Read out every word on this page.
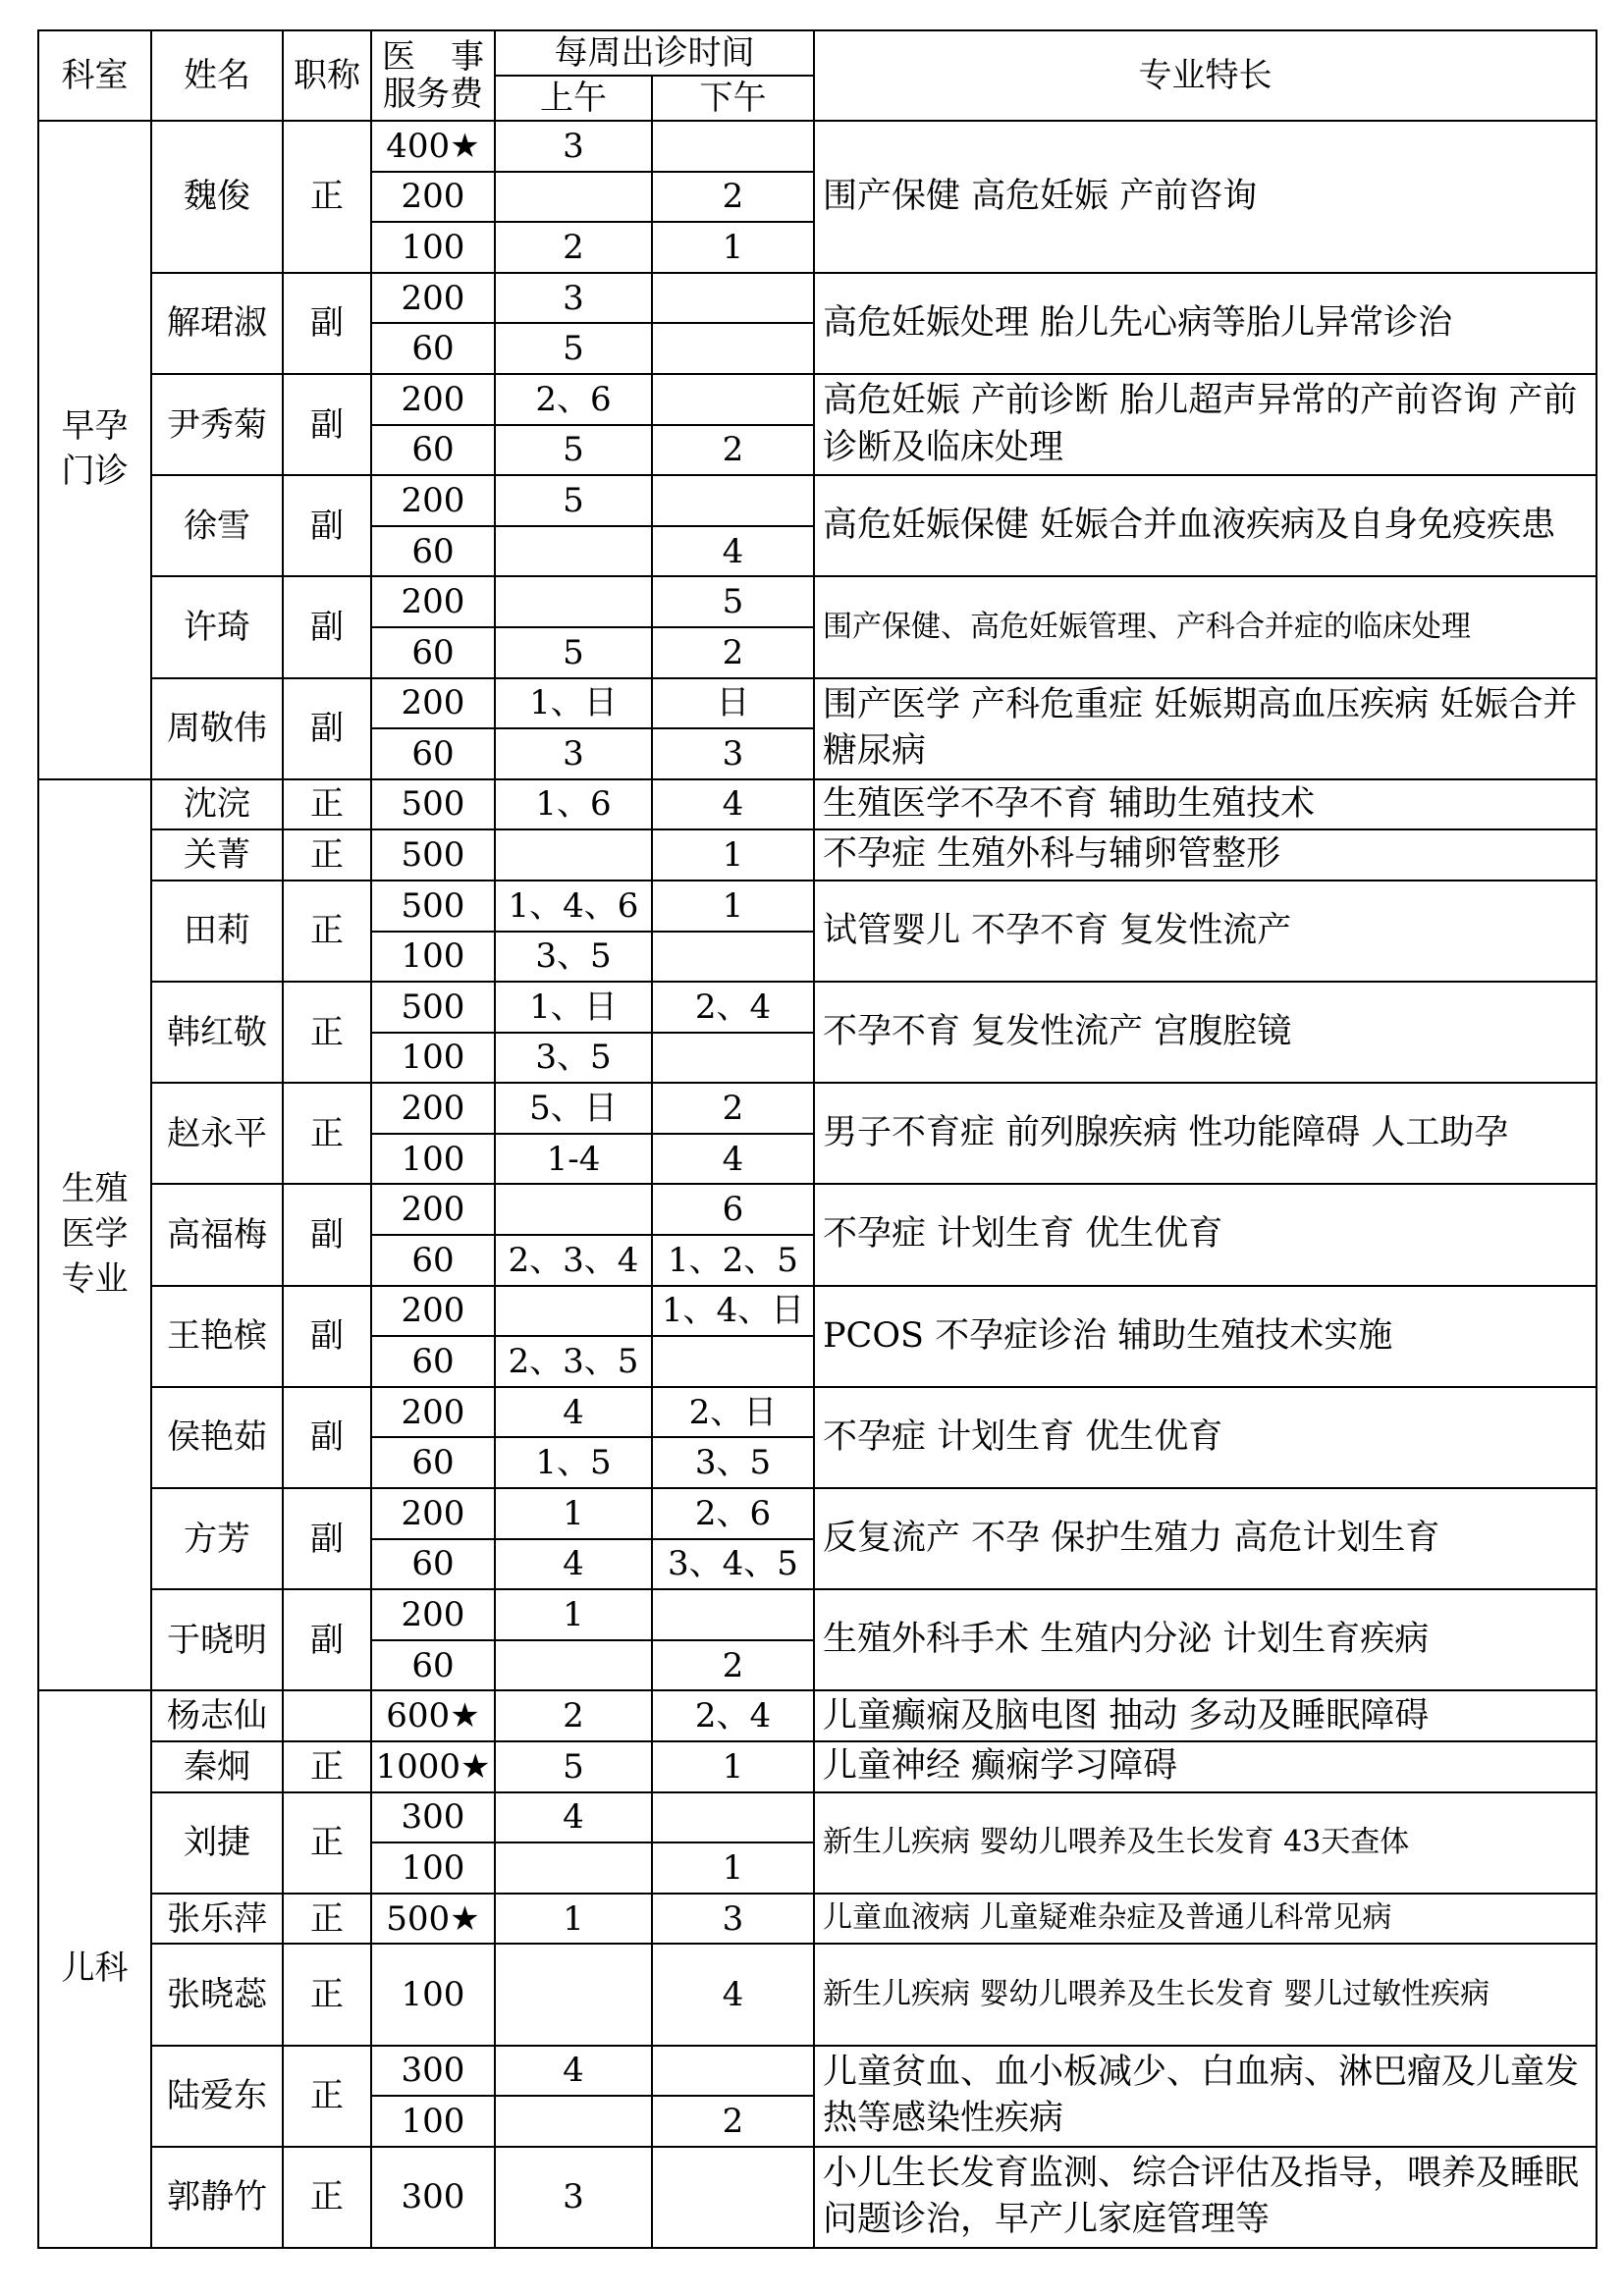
科室	姓名	职称	医 事
服务费	每周出诊时间		专业特长
				上午	下午	
早孕
门诊	魏俊	正	400★	3		围产保健 高危妊娠 产前咨询
			200		2	
			100	2	1	
	解珺淑	副	200	3		高危妊娠处理 胎儿先心病等胎儿异常诊治
			60	5		
	尹秀菊	副	200	2、6		高危妊娠 产前诊断 胎儿超声异常的产前咨询 产前诊断及临床处理
			60	5	2	
	徐雪	副	200	5		高危妊娠保健 妊娠合并血液疾病及自身免疫疾患
			60		4	
	许琦	副	200		5	围产保健、高危妊娠管理、产科合并症的临床处理
			60	5	2	
	周敬伟	副	200	1、日	日	围产医学 产科危重症 妊娠期高血压疾病 妊娠合并糖尿病
			60	3	3	
生殖
医学
专业	沈浣	正	500	1、6	4	生殖医学不孕不育 辅助生殖技术
	关菁	正	500		1	不孕症 生殖外科与辅卵管整形
	田莉	正	500	1、4、6	1	试管婴儿 不孕不育 复发性流产
			100	3、5		
	韩红敬	正	500	1、日	2、4	不孕不育 复发性流产 宫腹腔镜
			100	3、5		
	赵永平	正	200	5、日	2	男子不育症 前列腺疾病 性功能障碍 人工助孕
			100	1-4	4	
	高福梅	副	200		6	不孕症 计划生育 优生优育
			60	2、3、4	1、2、5	
	王艳槟	副	200		1、4、日	PCOS 不孕症诊治 辅助生殖技术实施
			60	2、3、5		
	侯艳茹	副	200	4	2、日	不孕症 计划生育 优生优育
			60	1、5	3、5	
	方芳	副	200	1	2、6	反复流产 不孕 保护生殖力 高危计划生育
			60	4	3、4、5	
	于晓明	副	200	1		生殖外科手术 生殖内分泌 计划生育疾病
			60		2	
儿科	杨志仙		600★	2	2、4	儿童癫痫及脑电图 抽动 多动及睡眠障碍
	秦炯	正	1000★	5	1	儿童神经 癫痫学习障碍
	刘捷	正	300	4		新生儿疾病 婴幼儿喂养及生长发育 43天查体
			100		1	
	张乐萍	正	500★	1	3	儿童血液病 儿童疑难杂症及普通儿科常见病
	张晓蕊	正	100		4	新生儿疾病 婴幼儿喂养及生长发育 婴儿过敏性疾病

	陆爱东	正	300	4		儿童贫血、血小板减少、白血病、淋巴瘤及儿童发热等感染性疾病
			100		2	
	郭静竹	正	300	3		小儿生长发育监测、综合评估及指导，喂养及睡眠问题诊治，早产儿家庭管理等
